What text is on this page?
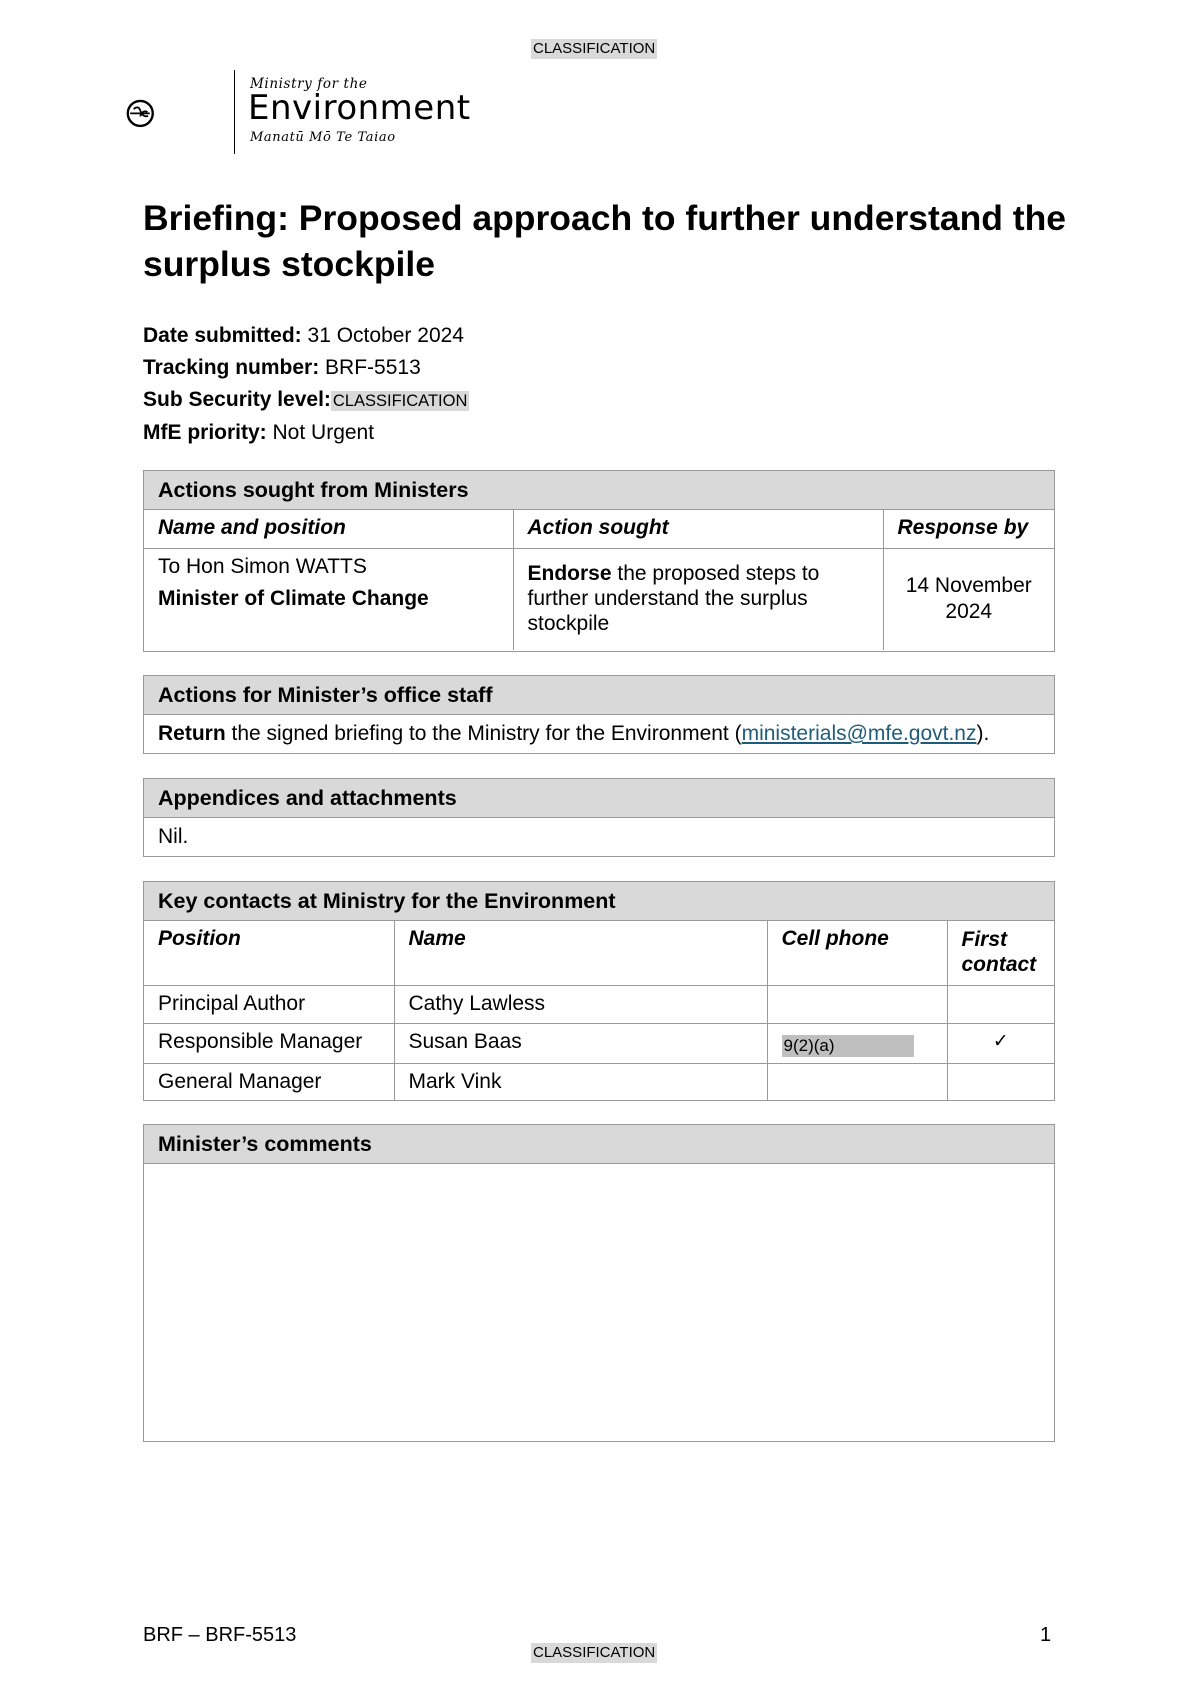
CLASSIFICATION
Ministry for the
Environment
Manatū Mō Te Taiao
Briefing: Proposed approach to further understand the surplus stockpile
Date submitted: 31 October 2024
Tracking number: BRF-5513
Sub Security level: CLASSIFICATION
MfE priority: Not Urgent
Actions sought from Ministers
Name and position	Action sought	Response by

To Hon Simon WATTS
Minister of Climate Change	Endorse the proposed steps to further understand the surplus stockpile	14 November 2024
Actions for Minister’s office staff
Return the signed briefing to the Ministry for the Environment (ministerials@mfe.govt.nz).
Appendices and attachments
Nil.
Key contacts at Ministry for the Environment
Position	Name	Cell phone	First
contact

Principal Author	Cathy Lawless		
Responsible Manager	Susan Baas	9(2)(a)	✓
General Manager	Mark Vink		
Minister’s comments
BRF – BRF-5513	1
CLASSIFICATION
